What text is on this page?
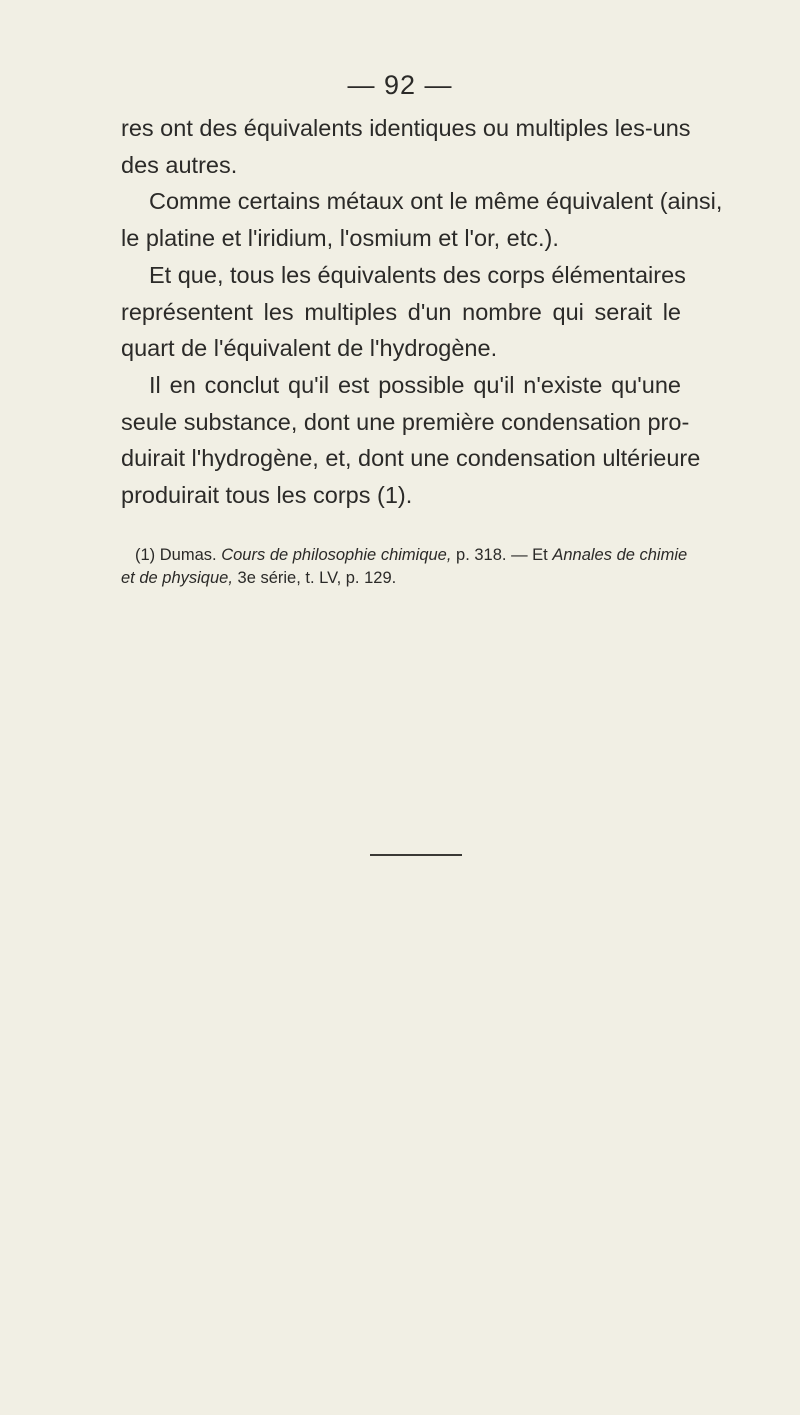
— 92 —
res ont des équivalents identiques ou multiples les-uns
des autres.
Comme certains métaux ont le même équivalent (ainsi,
le platine et l'iridium, l'osmium et l'or, etc.).
Et que, tous les équivalents des corps élémentaires
représentent les multiples d'un nombre qui serait le
quart de l'équivalent de l'hydrogène.
Il en conclut qu'il est possible qu'il n'existe qu'une
seule substance, dont une première condensation pro-
duirait l'hydrogène, et, dont une condensation ultérieure
produirait tous les corps (1).
(1) Dumas. Cours de philosophie chimique, p. 318. — Et Annales de chimie
et de physique, 3e série, t. LV, p. 129.
